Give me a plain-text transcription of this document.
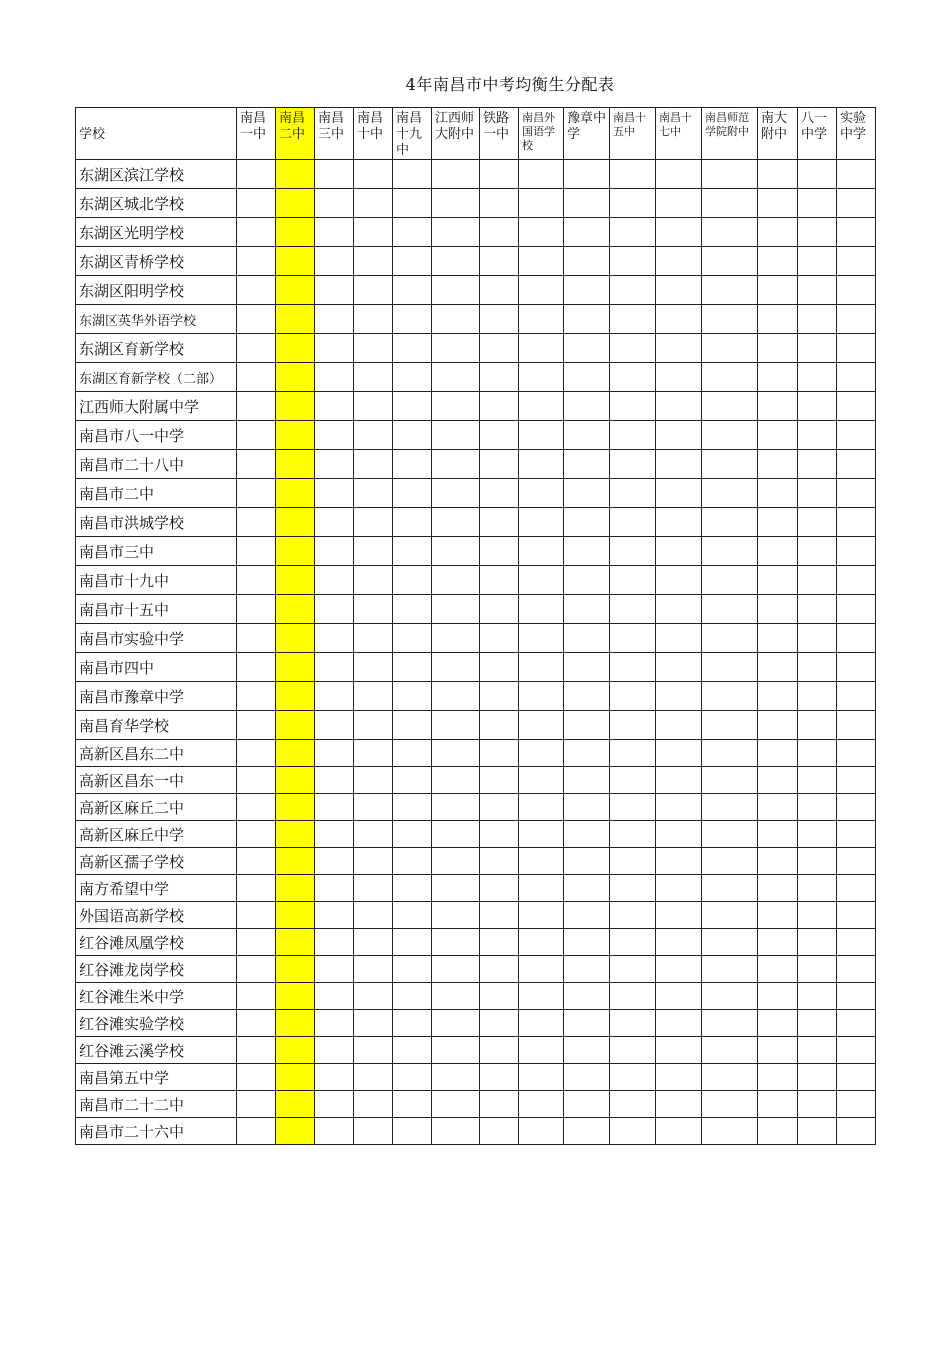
4年南昌市中考均衡生分配表
学校	南昌一中	南昌二中	南昌三中	南昌十中	南昌十九中	江西师大附中	铁路一中	南昌外国语学校	豫章中学	南昌十五中	南昌十七中	南昌师范学院附中	南大附中	八一中学	实验中学
东湖区滨江学校															
东湖区城北学校															
东湖区光明学校															
东湖区青桥学校															
东湖区阳明学校															
东湖区英华外语学校															
东湖区育新学校															
东湖区育新学校（二部）															
江西师大附属中学															
南昌市八一中学															
南昌市二十八中															
南昌市二中															
南昌市洪城学校															
南昌市三中															
南昌市十九中															
南昌市十五中															
南昌市实验中学															
南昌市四中															
南昌市豫章中学															
南昌育华学校															
高新区昌东二中															
高新区昌东一中															
高新区麻丘二中															
高新区麻丘中学															
高新区孺子学校															
南方希望中学															
外国语高新学校															
红谷滩凤凰学校															
红谷滩龙岗学校															
红谷滩生米中学															
红谷滩实验学校															
红谷滩云溪学校															
南昌第五中学															
南昌市二十二中															
南昌市二十六中															
